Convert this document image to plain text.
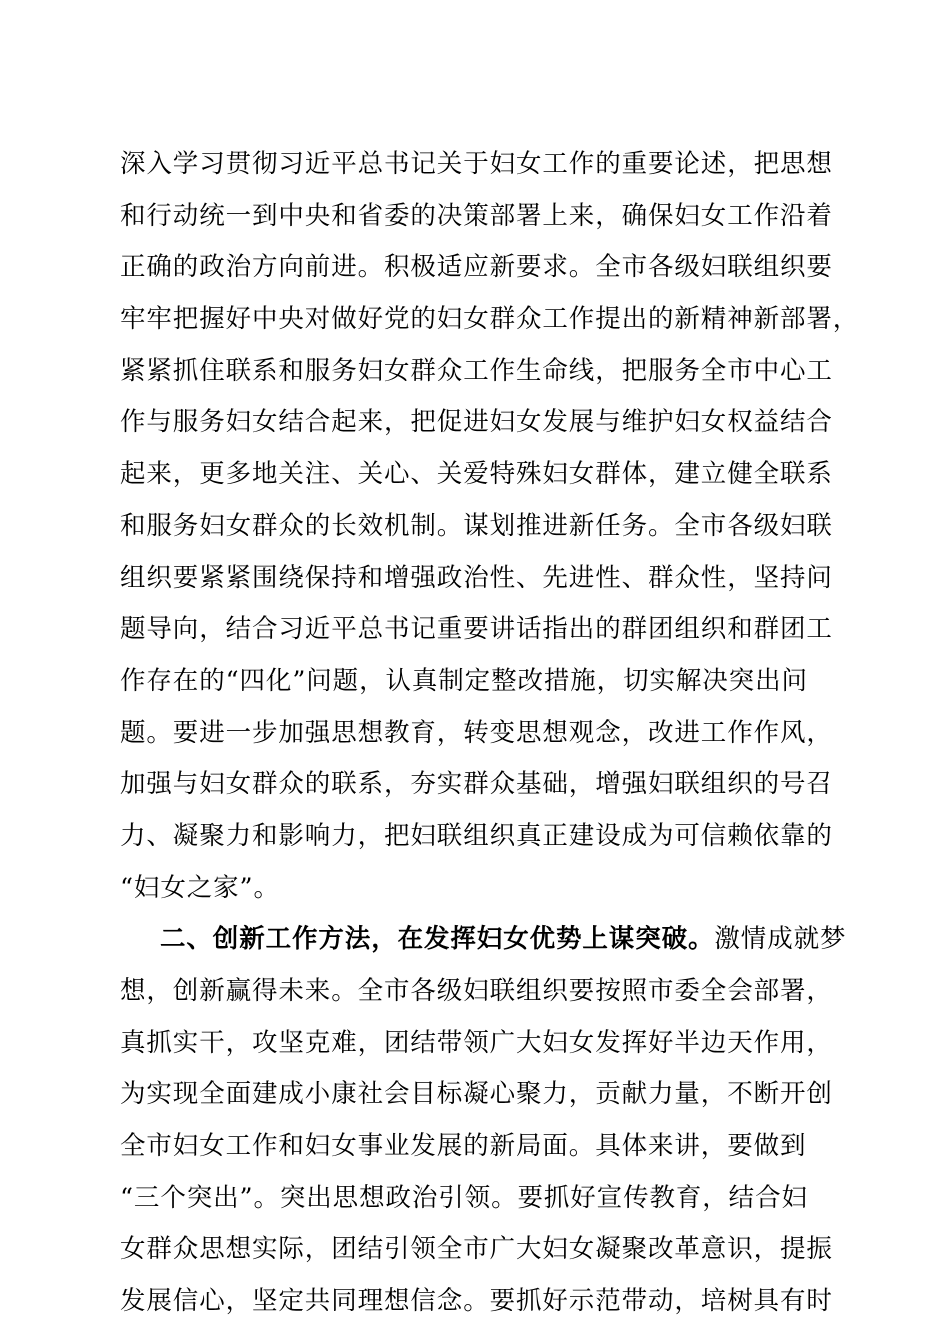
深入学习贯彻习近平总书记关于妇女工作的重要论述，把思想
和行动统一到中央和省委的决策部署上来，确保妇女工作沿着
正确的政治方向前进。积极适应新要求。全市各级妇联组织要
牢牢把握好中央对做好党的妇女群众工作提出的新精神新部署，
紧紧抓住联系和服务妇女群众工作生命线，把服务全市中心工
作与服务妇女结合起来，把促进妇女发展与维护妇女权益结合
起来，更多地关注、关心、关爱特殊妇女群体，建立健全联系
和服务妇女群众的长效机制。谋划推进新任务。全市各级妇联
组织要紧紧围绕保持和增强政治性、先进性、群众性，坚持问
题导向，结合习近平总书记重要讲话指出的群团组织和群团工
作存在的“四化”问题，认真制定整改措施，切实解决突出问
题。要进一步加强思想教育，转变思想观念，改进工作作风，
加强与妇女群众的联系，夯实群众基础，增强妇联组织的号召
力、凝聚力和影响力，把妇联组织真正建设成为可信赖依靠的
“妇女之家”。
二、创新工作方法，在发挥妇女优势上谋突破。激情成就梦
想，创新赢得未来。全市各级妇联组织要按照市委全会部署，
真抓实干，攻坚克难，团结带领广大妇女发挥好半边天作用，
为实现全面建成小康社会目标凝心聚力，贡献力量，不断开创
全市妇女工作和妇女事业发展的新局面。具体来讲，要做到
“三个突出”。突出思想政治引领。要抓好宣传教育，结合妇
女群众思想实际，团结引领全市广大妇女凝聚改革意识，提振
发展信心，坚定共同理想信念。要抓好示范带动，培树具有时
